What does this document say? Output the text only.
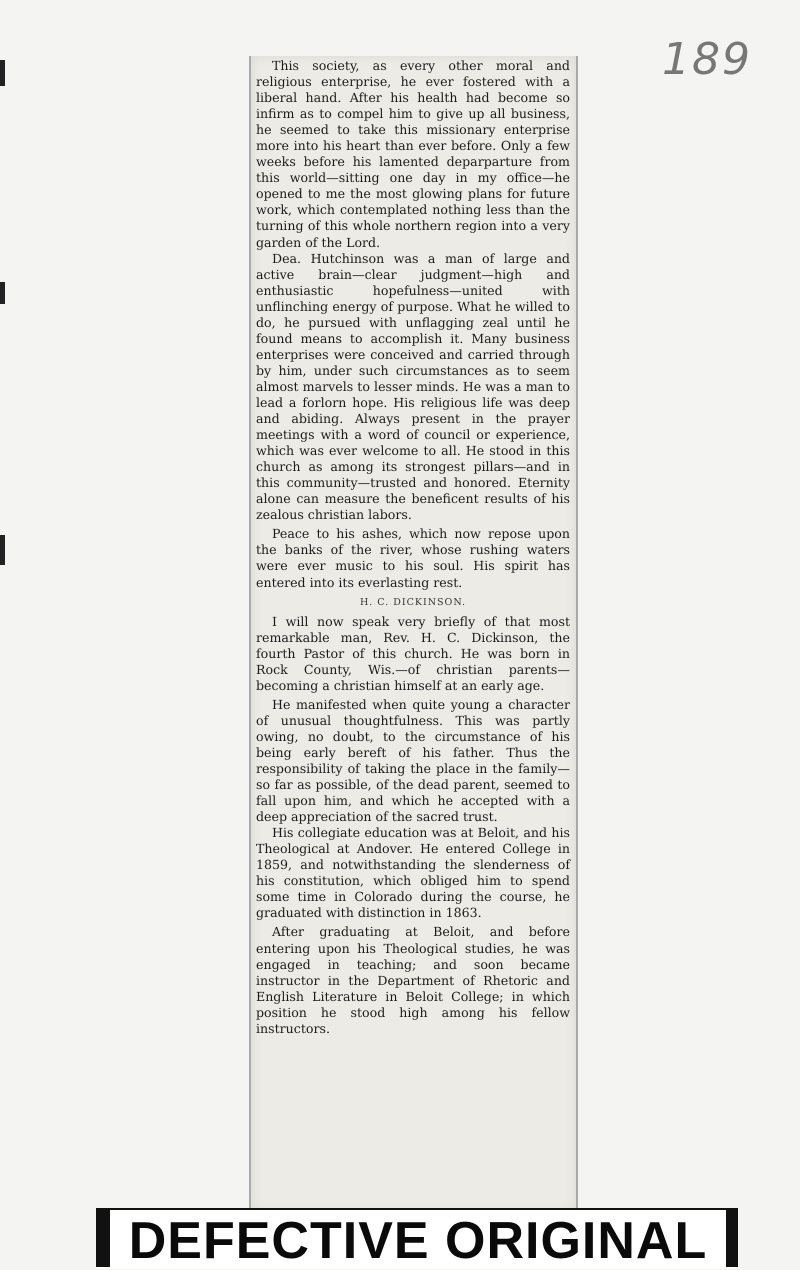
189

This society, as every other moral and religious enterprise, he ever fostered with a liberal hand. After his health had become so infirm as to compel him to give up all business, he seemed to take this missionary enterprise more into his heart than ever before. Only a few weeks before his lamented deparparture from this world—sitting one day in my office—he opened to me the most glowing plans for future work, which contemplated nothing less than the turning of this whole northern region into a very garden of the Lord.

Dea. Hutchinson was a man of large and active brain—clear judgment—high and enthusiastic hopefulness—united with unflinching energy of purpose. What he willed to do, he pursued with unflagging zeal until he found means to accomplish it. Many business enterprises were conceived and carried through by him, under such circumstances as to seem almost marvels to lesser minds. He was a man to lead a forlorn hope. His religious life was deep and abiding. Always present in the prayer meetings with a word of council or experience, which was ever welcome to all. He stood in this church as among its strongest pillars—and in this community—trusted and honored. Eternity alone can measure the beneficent results of his zealous christian labors.

Peace to his ashes, which now repose upon the banks of the river, whose rushing waters were ever music to his soul. His spirit has entered into its everlasting rest.

H. C. DICKINSON.

I will now speak very briefly of that most remarkable man, Rev. H. C. Dickinson, the fourth Pastor of this church. He was born in Rock County, Wis.—of christian parents—becoming a christian himself at an early age.

He manifested when quite young a character of unusual thoughtfulness. This was partly owing, no doubt, to the circumstance of his being early bereft of his father. Thus the responsibility of taking the place in the family—so far as possible, of the dead parent, seemed to fall upon him, and which he accepted with a deep appreciation of the sacred trust.

His collegiate education was at Beloit, and his Theological at Andover. He entered College in 1859, and notwithstanding the slenderness of his constitution, which obliged him to spend some time in Colorado during the course, he graduated with distinction in 1863.

After graduating at Beloit, and before entering upon his Theological studies, he was engaged in teaching; and soon became instructor in the Department of Rhetoric and English Literature in Beloit College; in which position he stood high among his fellow instructors.

DEFECTIVE ORIGINAL
